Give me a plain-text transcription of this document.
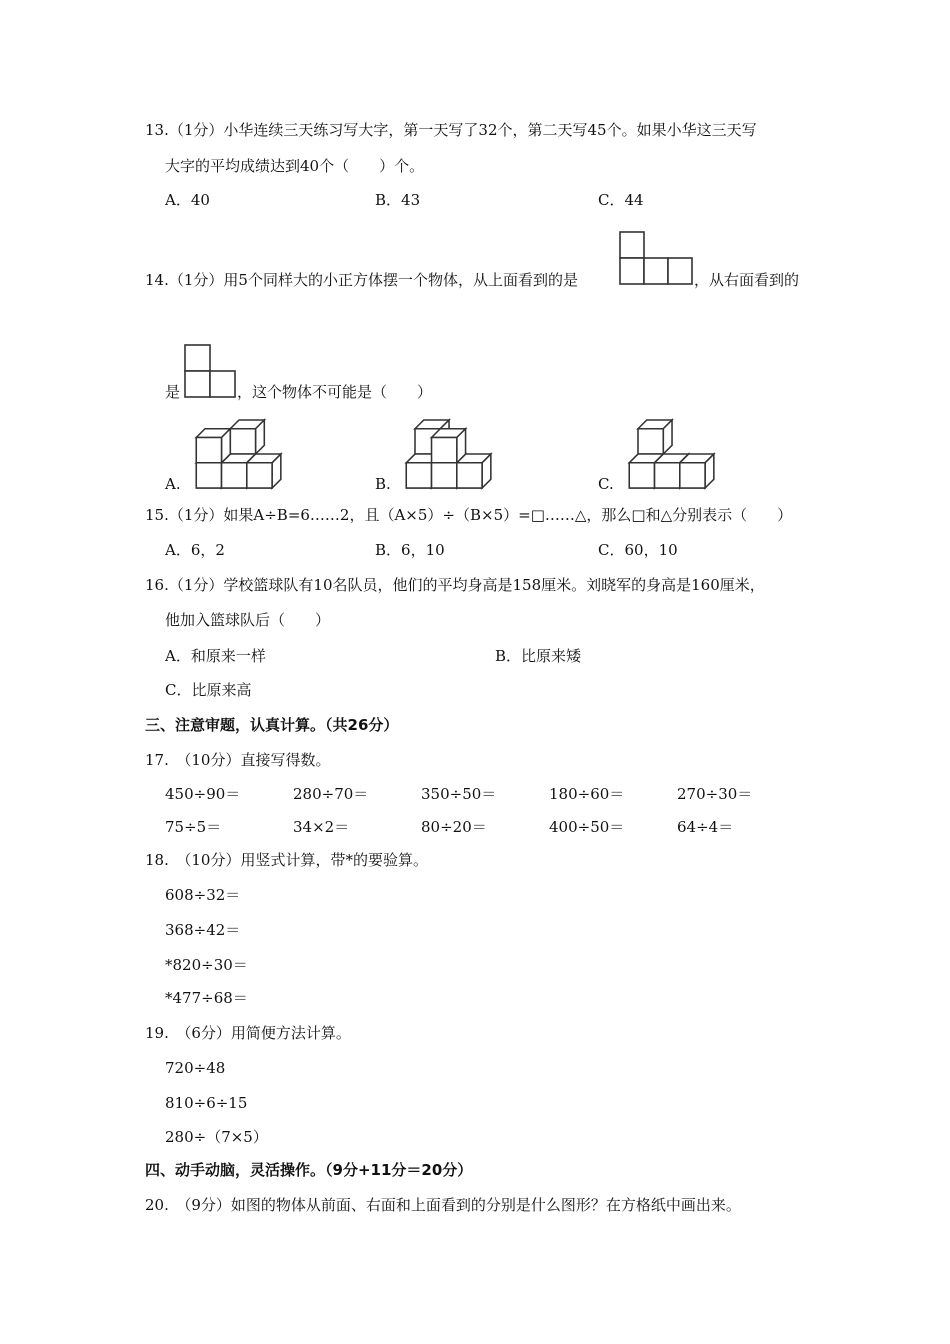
13.（1分）小华连续三天练习写大字，第一天写了32个，第二天写45个。如果小华这三天写
大字的平均成绩达到40个（　　）个。
A．40	B．43	C．44
14.（1分）用5个同样大的小正方体摆一个物体，从上面看到的是	，从右面看到的
是	，这个物体不可能是（　　）
A.	B.	C.
15.（1分）如果A÷B=6……2，且（A×5）÷（B×5）=□……△，那么□和△分别表示（　　）
A．6，2	B．6，10	C．60，10
16.（1分）学校篮球队有10名队员，他们的平均身高是158厘米。刘晓军的身高是160厘米，
他加入篮球队后（　　）
A．和原来一样	B．比原来矮
C．比原来高
三、注意审题，认真计算。（共26分）
17.　（10分）直接写得数。
450÷90＝	280÷70＝	350÷50＝	180÷60＝	270÷30＝
75÷5＝	34×2＝	80÷20＝	400÷50＝	64÷4＝
18.　（10分）用竖式计算，带*的要验算。
608÷32＝
368÷42＝
*820÷30＝
*477÷68＝
19.　（6分）用简便方法计算。
720÷48
810÷6÷15
280÷（7×5）
四、动手动脑，灵活操作。（9分+11分＝20分）
20.　（9分）如图的物体从前面、右面和上面看到的分别是什么图形？在方格纸中画出来。
